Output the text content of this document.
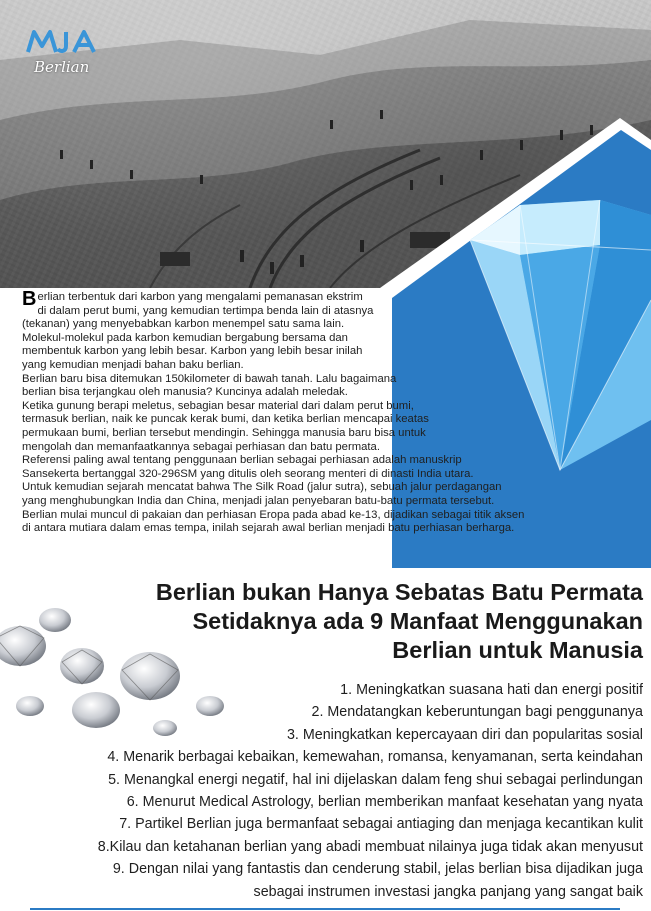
Berlian

Berlian terbentuk dari karbon yang mengalami pemanasan ekstrim

di dalam perut bumi, yang kemudian tertimpa benda lain di atasnya

(tekanan) yang menyebabkan karbon menempel satu sama lain.

Molekul-molekul pada karbon kemudian bergabung bersama dan

membentuk karbon yang lebih besar. Karbon yang lebih besar inilah

yang kemudian menjadi bahan baku berlian.

Berlian baru bisa ditemukan 150kilometer di bawah tanah. Lalu bagaimana

berlian bisa terjangkau oleh manusia? Kuncinya adalah meledak.

Ketika gunung berapi meletus, sebagian besar material dari dalam perut bumi,

termasuk berlian, naik ke puncak kerak bumi, dan ketika berlian mencapai keatas

permukaan bumi, berlian tersebut mendingin. Sehingga manusia baru bisa untuk

mengolah dan memanfaatkannya sebagai perhiasan dan batu permata.

Referensi paling awal tentang penggunaan berlian sebagai perhiasan adalah manuskrip

Sansekerta bertanggal 320-296SM yang ditulis oleh seorang menteri di dinasti India utara.

Untuk kemudian sejarah mencatat bahwa The Silk Road (jalur sutra), sebuah jalur perdagangan

yang menghubungkan India dan China, menjadi jalan penyebaran batu-batu permata tersebut.

Berlian mulai muncul di pakaian dan perhiasan Eropa pada abad ke-13, dijadikan sebagai titik aksen

di antara mutiara dalam emas tempa, inilah sejarah awal berlian menjadi batu perhiasan berharga.

Berlian bukan Hanya Sebatas Batu Permata
Setidaknya ada 9 Manfaat Menggunakan
Berlian untuk Manusia
1. Meningkatkan suasana hati dan energi positif
2. Mendatangkan keberuntungan bagi penggunanya
3. Meningkatkan kepercayaan diri dan popularitas sosial
4. Menarik berbagai kebaikan, kemewahan, romansa, kenyamanan, serta keindahan
5. Menangkal energi negatif, hal ini dijelaskan dalam feng shui sebagai perlindungan
6. Menurut Medical Astrology, berlian memberikan manfaat kesehatan yang nyata
7. Partikel Berlian juga bermanfaat sebagai antiaging dan menjaga kecantikan kulit
8.Kilau dan ketahanan berlian yang abadi membuat nilainya juga tidak akan menyusut
9. Dengan nilai yang fantastis dan cenderung stabil, jelas berlian bisa dijadikan juga
sebagai instrumen investasi jangka panjang yang sangat baik
